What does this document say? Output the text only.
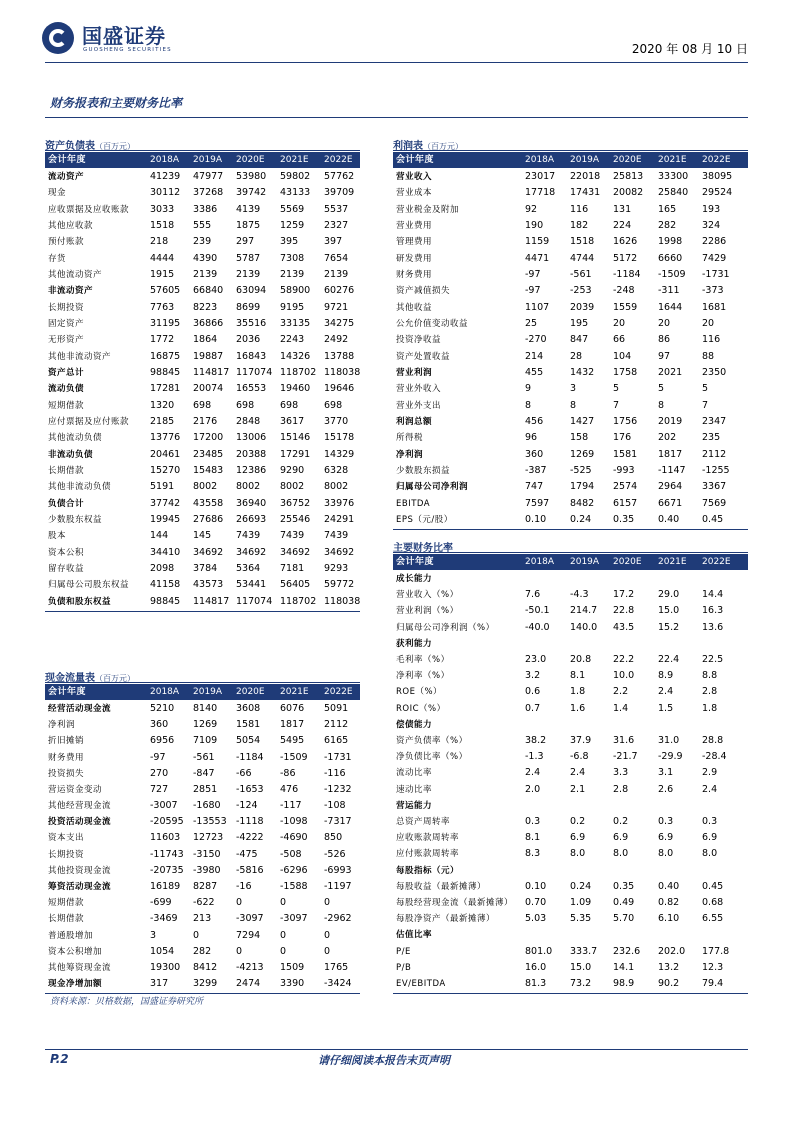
国盛证券
GUOSHENG SECURITIES	2020 年 08 月 10 日
财务报表和主要财务比率
资产负债表（百万元）
会计年度	2018A 2019A 2020E 2021E 2022E
流动资产	41239 47977 53980 59802 57762
现金	30112 37268 39742 43133 39709
应收票据及应收账款 3033 3386 4139 5569 5537
其他应收款	1518 555	1875 1259 2327
预付账款	218	239	297	395	397
存货	4444 4390 5787 7308 7654
其他流动资产	1915 2139 2139 2139 2139
非流动资产	57605 66840 63094 58900 60276
长期投资	7763 8223 8699 9195 9721
固定资产	31195 36866 35516 33135 34275
无形资产	1772 1864 2036 2243 2492
其他非流动资产	16875 19887 16843 14326 13788
资产总计	98845 114817 117074 118702 118038
流动负债	17281 20074 16553 19460 19646
短期借款	1320 698	698	698	698
应付票据及应付账款 2185 2176 2848 3617 3770
其他流动负债	13776 17200 13006 15146 15178
非流动负债	20461 23485 20388 17291 14329
长期借款	15270 15483 12386 9290 6328
其他非流动负债	5191 8002 8002 8002 8002
负债合计	37742 43558 36940 36752 33976
少数股东权益	19945 27686 26693 25546 24291
股本	144	145	7439 7439 7439
资本公积	34410 34692 34692 34692 34692
留存收益	2098 3784 5364 7181 9293
归属母公司股东权益 41158 43573 53441 56405 59772
负债和股东权益	98845 114817 117074 118702 118038
现金流量表（百万元）
会计年度	2018A 2019A 2020E 2021E 2022E
经营活动现金流	5210 8140 3608 6076 5091
净利润	360	1269 1581 1817 2112
折旧摊销	6956 7109 5054 5495 6165
财务费用	-97	-561 -1184 -1509 -1731
投资损失	270	-847 -66	-86	-116
营运资金变动	727	2851 -1653 476	-1232
其他经营现金流	-3007 -1680 -124 -117 -108
投资活动现金流	-20595 -13553 -1118 -1098 -7317
资本支出	11603 12723 -4222 -4690 850
长期投资	-11743 -3150 -475 -508 -526
其他投资现金流	-20735 -3980 -5816 -6296 -6993
筹资活动现金流	16189 8287 -16	-1588 -1197
短期借款	-699 -622 0	0	0
长期借款	-3469 213	-3097 -3097 -2962
普通股增加	3	0	7294 0	0
资本公积增加	1054 282	0	0	0
其他筹资现金流	19300 8412 -4213 1509 1765
现金净增加额	317	3299 2474 3390 -3424
利润表（百万元）
会计年度	2018A 2019A 2020E 2021E 2022E
营业收入	23017 22018 25813 33300 38095
营业成本	17718 17431 20082 25840 29524
营业税金及附加	92	116	131	165	193
营业费用	190	182	224	282	324
管理费用	1159 1518 1626 1998 2286
研发费用	4471 4744 5172 6660 7429
财务费用	-97	-561 -1184 -1509 -1731
资产减值损失	-97	-253 -248 -311 -373
其他收益	1107 2039 1559 1644 1681
公允价值变动收益	25	195	20	20	20
投资净收益	-270 847	66	86	116
资产处置收益	214	28	104	97	88
营业利润	455	1432 1758 2021 2350
营业外收入	9	3	5	5	5
营业外支出	8	8	7	8	7
利润总额	456	1427 1756 2019 2347
所得税	96	158	176	202	235
净利润	360	1269 1581 1817 2112
少数股东损益	-387 -525 -993 -1147 -1255
归属母公司净利润	747	1794 2574 2964 3367
EBITDA	7597 8482 6157 6671 7569
EPS（元/股）	0.10	0.24 0.35	0.40 0.45
主要财务比率
会计年度	2018A 2019A 2020E 2021E 2022E
成长能力
营业收入（%）	7.6	-4.3	17.2	29.0 14.4
营业利润（%）	-50.1 214.7 22.8	15.0 16.3
归属母公司净利润（%）	-40.0 140.0 43.5	15.2 13.6
获利能力
毛利率（%）	23.0	20.8 22.2	22.4 22.5
净利率（%）	3.2	8.1	10.0	8.9	8.8
ROE（%）	0.6	1.8	2.2	2.4	2.8
ROIC（%）	0.7	1.6	1.4	1.5	1.8
偿债能力
资产负债率（%）	38.2	37.9 31.6	31.0 28.8
净负债比率（%）	-1.3	-6.8	-21.7 -29.9 -28.4
流动比率	2.4	2.4	3.3	3.1	2.9
速动比率	2.0	2.1	2.8	2.6	2.4
营运能力
总资产周转率	0.3	0.2	0.2	0.3	0.3
应收账款周转率	8.1	6.9	6.9	6.9	6.9
应付账款周转率	8.3	8.0	8.0	8.0	8.0
每股指标（元）
每股收益（最新摊薄）	0.10	0.24 0.35	0.40 0.45
每股经营现金流（最新摊薄） 0.70	1.09 0.49	0.82 0.68
每股净资产（最新摊薄）	5.03	5.35 5.70	6.10 6.55
估值比率
P/E	801.0 333.7 232.6 202.0 177.8
P/B	16.0	15.0 14.1	13.2 12.3
EV/EBITDA	81.3	73.2 98.9	90.2 79.4
资料来源：贝格数据，国盛证券研究所
P.2	请仔细阅读本报告末页声明
